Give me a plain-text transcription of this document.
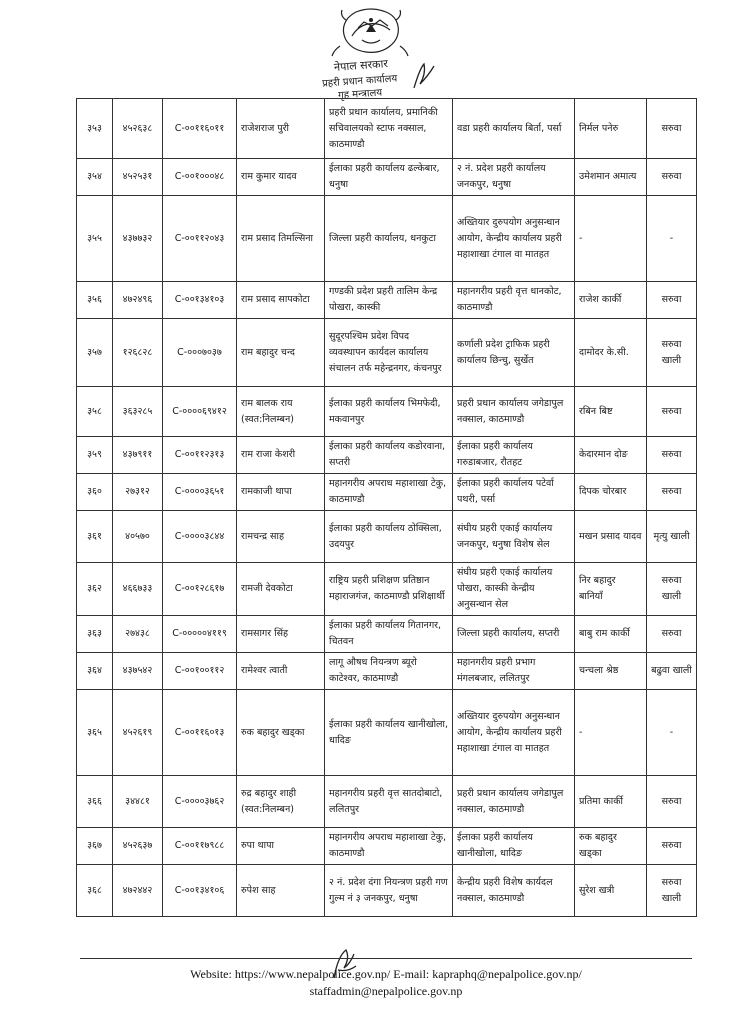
नेपाल सरकार
प्रहरी प्रधान कार्यालय
गृह मन्त्रालय
३५३	४५२६३८	C-००११६०११	राजेशराज पुरी	प्रहरी प्रधान कार्यालय, प्रमानिकी सचिवालयको स्टाफ नक्साल, काठमाण्डौ	वडा प्रहरी कार्यालय बिर्ता, पर्सा	निर्मल पनेरु	सरुवा
३५४	४५२५३१	C-००१०००४८	राम कुमार यादव	ईलाका प्रहरी कार्यालय ढल्केबार, धनुषा	२ नं. प्रदेश प्रहरी कार्यालय जनकपुर, धनुषा	उमेशमान अमात्य	सरुवा
३५५	४३७७३२	C-००११२०४३	राम प्रसाद तिमल्सिना	जिल्ला प्रहरी कार्यालय, धनकुटा	अख्तियार दुरुपयोग अनुसन्धान आयोग, केन्द्रीय कार्यालय प्रहरी महाशाखा टंगाल वा मातहत	-	-
३५६	४७२४९६	C-००१३४१०३	राम प्रसाद सापकोटा	गण्डकी प्रदेश प्रहरी तालिम केन्द्र पोखरा, कास्की	महानगरीय प्रहरी वृत्त धानकोट, काठमाण्डौ	राजेश कार्की	सरुवा
३५७	१२६८२८	C-०००७०३७	राम बहादुर चन्द	सुदूरपश्चिम प्रदेश विपद व्यवस्थापन कार्यदल कार्यालय संचालन तर्फ महेन्द्रनगर, कंचनपुर	कर्णाली प्रदेश ट्राफिक प्रहरी कार्यालय छिन्चु, सुर्खेत	दामोदर के.सी.	सरुवा खाली
३५८	३६३२८५	C-००००६९४१२	राम बालक राय (स्वत:निलम्बन)	ईलाका प्रहरी कार्यालय भिमफेदी, मकवानपुर	प्रहरी प्रधान कार्यालय जगेडापुल नक्साल, काठमाण्डौ	रबिन बिष्ट	सरुवा
३५९	४३७९११	C-००११२३१३	राम राजा केशरी	ईलाका प्रहरी कार्यालय कडोरवाना, सप्तरी	ईलाका प्रहरी कार्यालय गरुडाबजार, रौतहट	केदारमान दोङ	सरुवा
३६०	२७३१२	C-००००३६५१	रामकाजी थापा	महानगरीय अपराध महाशाखा टेकु, काठमाण्डौ	ईलाका प्रहरी कार्यालय पटेर्वा पथरी, पर्सा	दिपक चोरबार	सरुवा
३६१	४०५७०	C-००००३८४४	रामचन्द्र साह	ईलाका प्रहरी कार्यालय ठोक्सिला, उदयपुर	संघीय प्रहरी एकाई कार्यालय जनकपुर, धनुषा विशेष सेल	मखन प्रसाद यादव	मृत्यु खाली
३६२	४६६७३३	C-००१२८६१७	रामजी देवकोटा	राष्ट्रिय प्रहरी प्रशिक्षण प्रतिष्ठान महाराजगंज, काठमाण्डौ प्रशिक्षार्थी	संघीय प्रहरी एकाई कार्यालय पोखरा, कास्की केन्द्रीय अनुसन्धान सेल	निर बहादुर बानियाँ	सरुवा खाली
३६३	२७४३८	C-०००००४११९	रामसागर सिंह	ईलाका प्रहरी कार्यालय गितानगर, चितवन	जिल्ला प्रहरी कार्यालय, सप्तरी	बाबु राम कार्की	सरुवा
३६४	४३७५४२	C-००१००११२	रामेश्वर त्वाती	लागू औषध नियन्त्रण ब्यूरो काटेश्वर, काठमाण्डौ	महानगरीय प्रहरी प्रभाग मंगलबजार, ललितपुर	चन्चला श्रेष्ठ	बढुवा खाली
३६५	४५२६१९	C-००११६०१३	रुक बहादुर खड्का	ईलाका प्रहरी कार्यालय खानीखोला, धादिङ	अख्तियार दुरुपयोग अनुसन्धान आयोग, केन्द्रीय कार्यालय प्रहरी महाशाखा टंगाल वा मातहत	-	-
३६६	३४४८१	C-००००३७६२	रुद्र बहादुर शाही (स्वत:निलम्बन)	महानगरीय प्रहरी वृत्त सातदोबाटो, ललितपुर	प्रहरी प्रधान कार्यालय जगेडापुल नक्साल, काठमाण्डौ	प्रतिमा कार्की	सरुवा
३६७	४५२६३७	C-००११७९८८	रुपा थापा	महानगरीय अपराध महाशाखा टेकु, काठमाण्डौ	ईलाका प्रहरी कार्यालय खानीखोला, धादिङ	रुक बहादुर खड्का	सरुवा
३६८	४७२४४२	C-००१३४१०६	रुपेश साह	२ नं. प्रदेश दंगा नियन्त्रण प्रहरी गण गुल्म नं ३ जनकपुर, धनुषा	केन्द्रीय प्रहरी विशेष कार्यदल नक्साल, काठमाण्डौ	सुरेश खत्री	सरुवा खाली
Website: https://www.nepalpolice.gov.np/ E-mail: kapraphq@nepalpolice.gov.np/
staffadmin@nepalpolice.gov.np
